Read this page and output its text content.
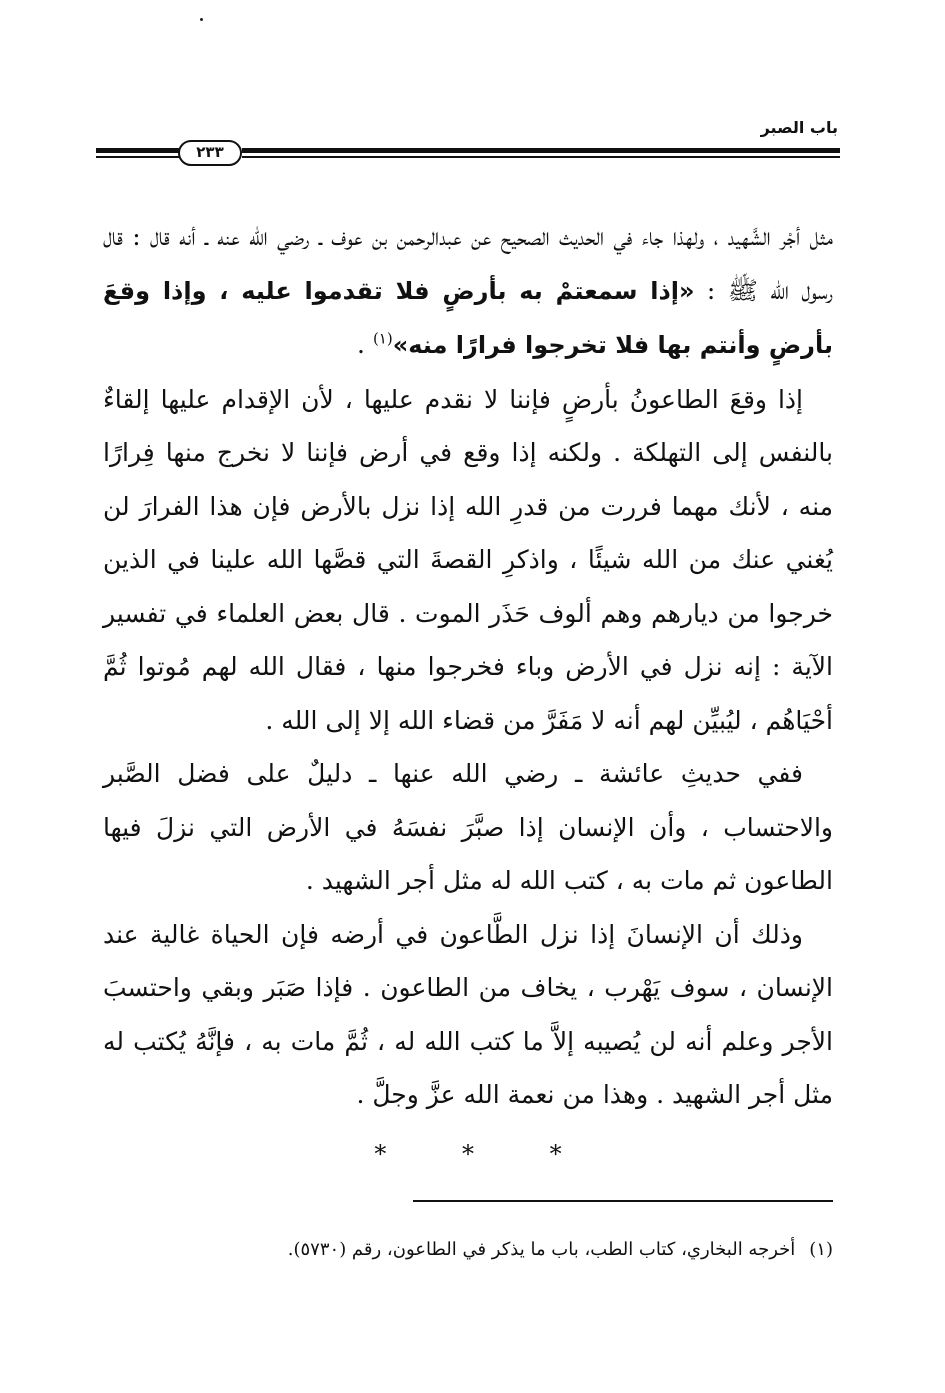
باب الصبر
٢٣٣

مثل أجْر الشَّهيد ، ولهذا جاء في الحديث الصحيح عن عبدالرحمن بن عوف ـ رضي الله عنه ـ أنه قال : قال رسول الله ﷺ : «إذا سمعتمْ به بأرضٍ فلا تقدموا عليه ، وإذا وقعَ بأرضٍ وأنتم بها فلا تخرجوا فرارًا منه»$^{(١)}$ .

إذا وقعَ الطاعونُ بأرضٍ فإننا لا نقدم عليها ، لأن الإقدام عليها إلقاءٌ بالنفس إلى التهلكة . ولكنه إذا وقع في أرض فإننا لا نخرج منها فِرارًا منه ، لأنك مهما فررت من قدرِ الله إذا نزل بالأرض فإن هذا الفرارَ لن يُغني عنك من الله شيئًا ، واذكرِ القصةَ التي قصَّها الله علينا في الذين خرجوا من ديارهم وهم ألوف حَذَر الموت . قال بعض العلماء في تفسير الآية : إنه نزل في الأرض وباء فخرجوا منها ، فقال الله لهم مُوتوا ثُمَّ أحْيَاهُم ، ليُبيِّن لهم أنه لا مَفَرَّ من قضاء الله إلا إلى الله .

ففي حديثِ عائشة ـ رضي الله عنها ـ دليلٌ على فضل الصَّبر والاحتساب ، وأن الإنسان إذا صبَّرَ نفسَهُ في الأرض التي نزلَ فيها الطاعون ثم مات به ، كتب الله له مثل أجر الشهيد .

وذلك أن الإنسانَ إذا نزل الطَّاعون في أرضه فإن الحياة غالية عند الإنسان ، سوف يَهْرب ، يخاف من الطاعون . فإذا صَبَر وبقي واحتسبَ الأجر وعلم أنه لن يُصيبه إلاَّ ما كتب الله له ، ثُمَّ مات به ، فإنَّهُ يُكتب له مثل أجر الشهيد . وهذا من نعمة الله عزَّ وجلَّ .

* * *
(١)أخرجه البخاري، كتاب الطب، باب ما يذكر في الطاعون، رقم (٥٧٣٠).
